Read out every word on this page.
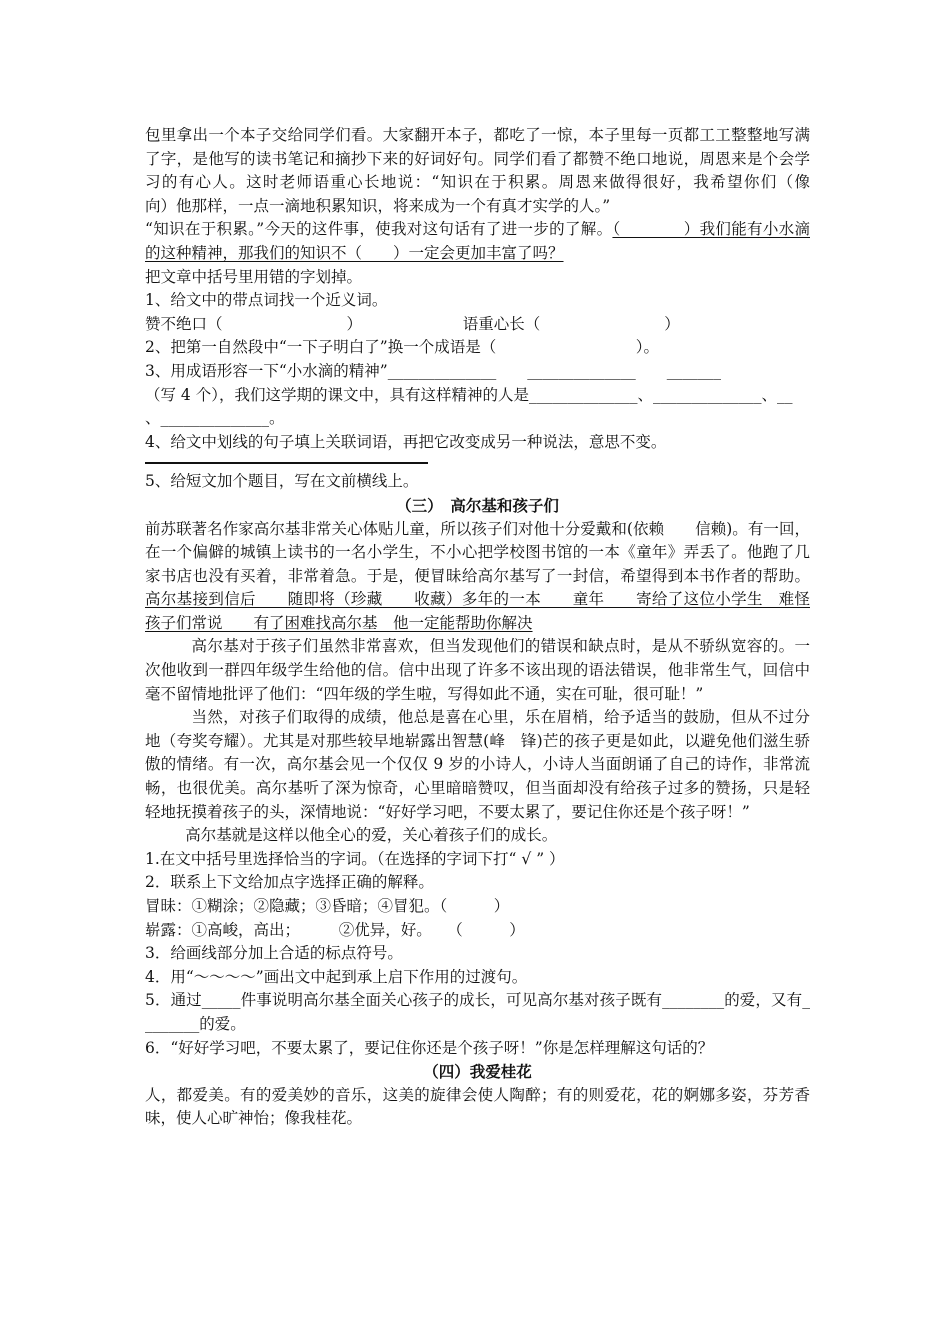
包里拿出一个本子交给同学们看。大家翻开本子，都吃了一惊，本子里每一页都工工整整地写满了字，是他写的读书笔记和摘抄下来的好词好句。同学们看了都赞不绝口地说，周恩来是个会学习的有心人。这时老师语重心长地说：“知识在于积累。周恩来做得很好，我希望你们（像　　向）他那样，一点一滴地积累知识，将来成为一个有真才实学的人。”

“知识在于积累。”今天的这件事，使我对这句话有了进一步的了解。（　　　　）我们能有小水滴的这种精神，那我们的知识不（　　）一定会更加丰富了吗？

把文章中括号里用错的字划掉。

1、给文中的带点词找一个近义词。

赞不绝口（　　　　　　　　）　　　　　　　语重心长（　　　　　　　　）

2、把第一自然段中“一下子明白了”换一个成语是（　　　　　　　　　）。

3、用成语形容一下“小水滴的精神”______________　　______________　　_______

（写 4 个），我们这学期的课文中，具有这样精神的人是______________、______________、__

、______________。

4、给文中划线的句子填上关联词语，再把它改变成另一种说法，意思不变。

5、给短文加个题目，写在文前横线上。

（三）　高尔基和孩子们

前苏联著名作家高尔基非常关心体贴儿童，所以孩子们对他十分爱戴和(依赖　　信赖)。有一回，在一个偏僻的城镇上读书的一名小学生，不小心把学校图书馆的一本《童年》弄丢了。他跑了几家书店也没有买着，非常着急。于是，便冒昧给高尔基写了一封信，希望得到本书作者的帮助。高尔基接到信后　　随即将（珍藏　　收藏）多年的一本　　童年　　寄给了这位小学生　难怪孩子们常说　　有了困难找高尔基　他一定能帮助你解决

高尔基对于孩子们虽然非常喜欢，但当发现他们的错误和缺点时，是从不骄纵宽容的。一次他收到一群四年级学生给他的信。信中出现了许多不该出现的语法错误，他非常生气，回信中毫不留情地批评了他们：“四年级的学生啦，写得如此不通，实在可耻，很可耻！”

当然，对孩子们取得的成绩，他总是喜在心里，乐在眉梢，给予适当的鼓励，但从不过分地（夸奖夸耀）。尤其是对那些较早地崭露出智慧(峰　锋)芒的孩子更是如此，以避免他们滋生骄傲的情绪。有一次，高尔基会见一个仅仅 9 岁的小诗人，小诗人当面朗诵了自己的诗作，非常流畅，也很优美。高尔基听了深为惊奇，心里暗暗赞叹，但当面却没有给孩子过多的赞扬，只是轻轻地抚摸着孩子的头，深情地说：“好好学习吧，不要太累了，要记住你还是个孩子呀！”

高尔基就是这样以他全心的爱，关心着孩子们的成长。

1.在文中括号里选择恰当的字词。（在选择的字词下打“ √ ” ）

2．联系上下文给加点字选择正确的解释。

冒昧：①糊涂；②隐藏；③昏暗；④冒犯。（　　　）

崭露：①高峻，高出；　　　②优异，好。　　（　　　）

3．给画线部分加上合适的标点符号。

4．用“～～～～”画出文中起到承上启下作用的过渡句。

5．通过_____件事说明高尔基全面关心孩子的成长，可见高尔基对孩子既有________的爱，又有________的爱。

6．“好好学习吧，不要太累了，要记住你还是个孩子呀！”你是怎样理解这句话的？

（四）我爱桂花

人，都爱美。有的爱美妙的音乐，这美的旋律会使人陶醉；有的则爱花，花的婀娜多姿，芬芳香味，使人心旷神怡；像我桂花。
